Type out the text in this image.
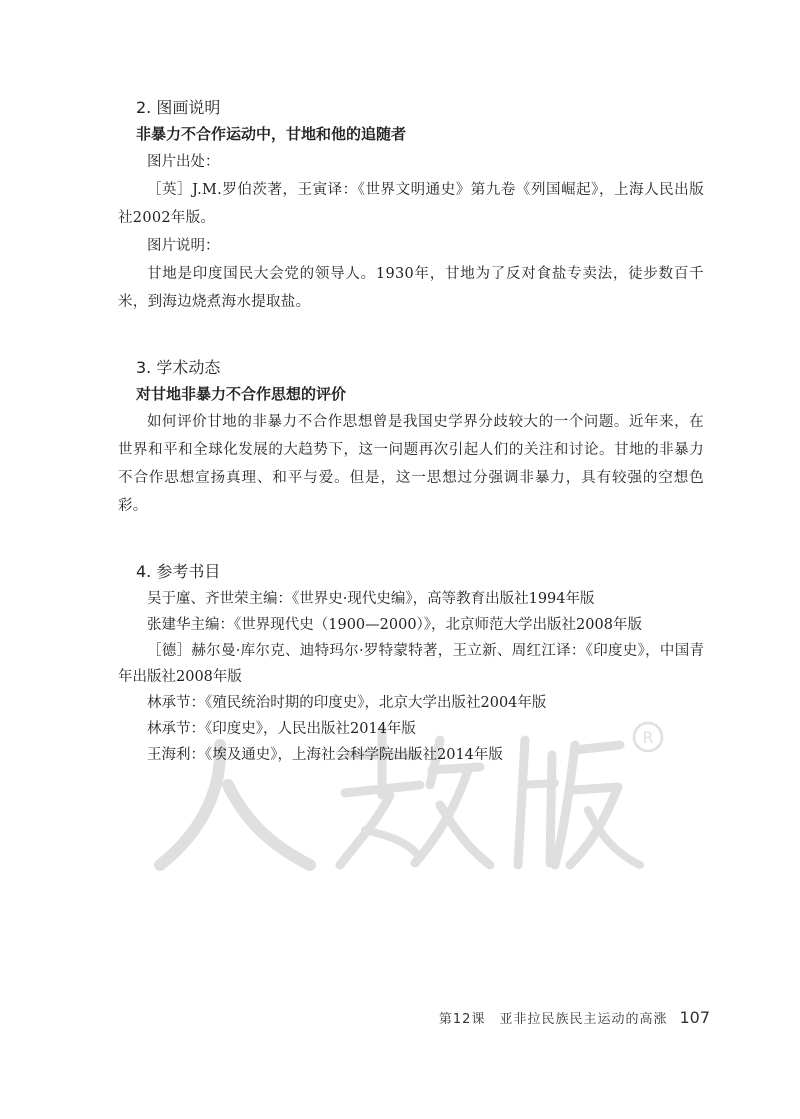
2. 图画说明
非暴力不合作运动中，甘地和他的追随者

图片出处：

［英］J.M.罗伯茨著，王寅译：《世界文明通史》第九卷《列国崛起》，上海人民出版社2002年版。

图片说明：

甘地是印度国民大会党的领导人。1930年，甘地为了反对食盐专卖法，徒步数百千米，到海边烧煮海水提取盐。

3. 学术动态
对甘地非暴力不合作思想的评价

如何评价甘地的非暴力不合作思想曾是我国史学界分歧较大的一个问题。近年来，在世界和平和全球化发展的大趋势下，这一问题再次引起人们的关注和讨论。甘地的非暴力不合作思想宣扬真理、和平与爱。但是，这一思想过分强调非暴力，具有较强的空想色彩。

4. 参考书目

吴于廑、齐世荣主编：《世界史·现代史编》，高等教育出版社1994年版

张建华主编：《世界现代史（1900—2000）》，北京师范大学出版社2008年版

［德］赫尔曼·库尔克、迪特玛尔·罗特蒙特著，王立新、周红江译：《印度史》，中国青年出版社2008年版

林承节：《殖民统治时期的印度史》，北京大学出版社2004年版

林承节：《印度史》，人民出版社2014年版

王海利：《埃及通史》，上海社会科学院出版社2014年版

R
第12课　亚非拉民族民主运动的高涨 107
